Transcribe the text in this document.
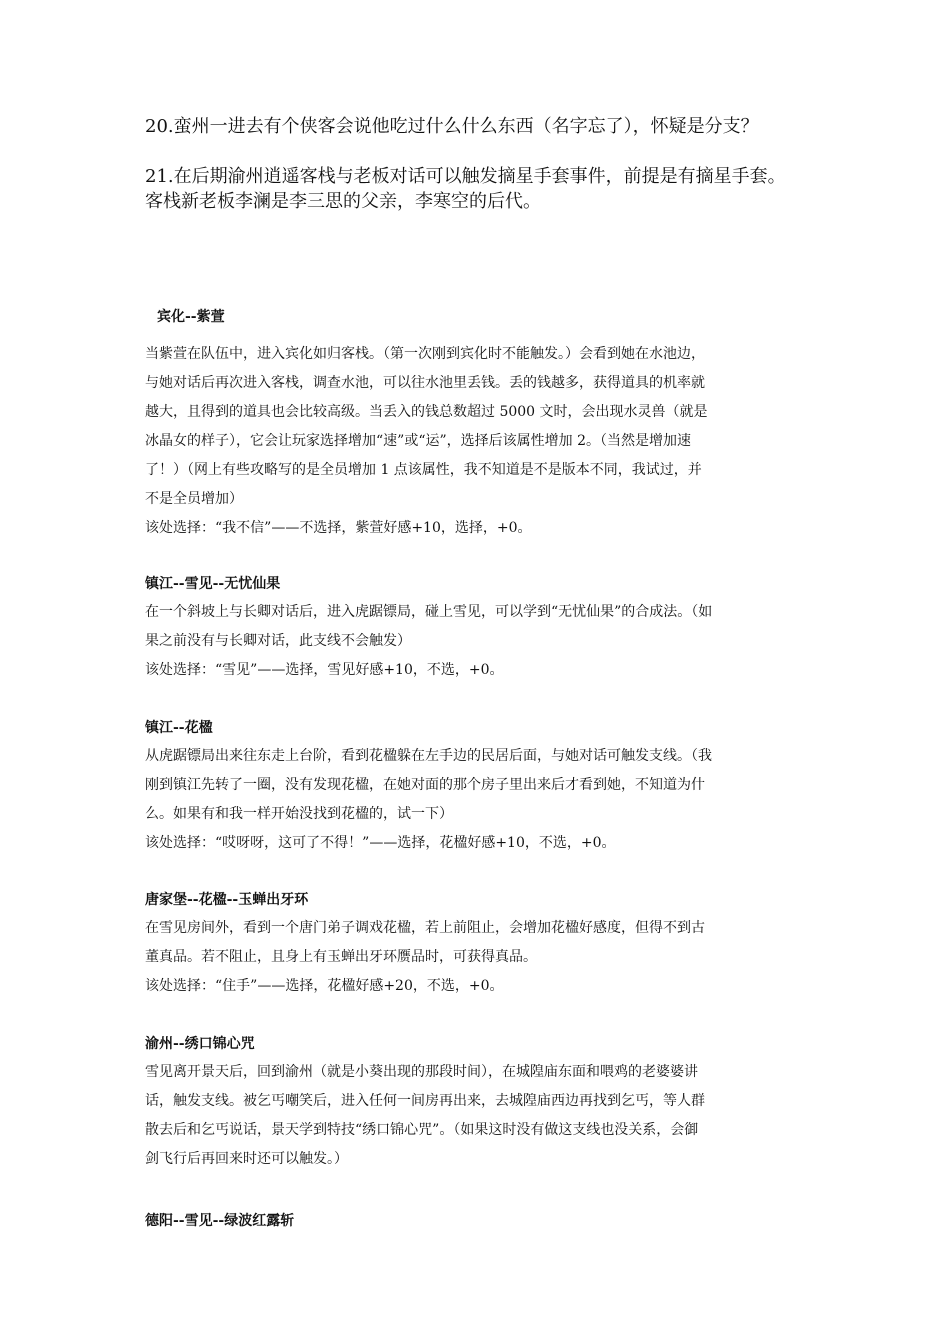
20.蛮州一进去有个侠客会说他吃过什么什么东西（名字忘了），怀疑是分支？

21.在后期渝州逍遥客栈与老板对话可以触发摘星手套事件，前提是有摘星手套。
客栈新老板李澜是李三思的父亲，李寒空的后代。

宾化--紫萱
当紫萱在队伍中，进入宾化如归客栈。（第一次刚到宾化时不能触发。）会看到她在水池边，
与她对话后再次进入客栈，调查水池，可以往水池里丢钱。丢的钱越多，获得道具的机率就
越大，且得到的道具也会比较高级。当丢入的钱总数超过 5000 文时，会出现水灵兽（就是
冰晶女的样子），它会让玩家选择增加“速”或“运”，选择后该属性增加 2。（当然是增加速
了！）（网上有些攻略写的是全员增加 1 点该属性，我不知道是不是版本不同，我试过，并
不是全员增加）
该处选择：“我不信”——不选择，紫萱好感+10，选择，+0。
镇江--雪见--无忧仙果
在一个斜坡上与长卿对话后，进入虎踞镖局，碰上雪见，可以学到“无忧仙果”的合成法。（如
果之前没有与长卿对话，此支线不会触发）
该处选择：“雪见”——选择，雪见好感+10，不选，+0。
镇江--花楹
从虎踞镖局出来往东走上台阶，看到花楹躲在左手边的民居后面，与她对话可触发支线。（我
刚到镇江先转了一圈，没有发现花楹，在她对面的那个房子里出来后才看到她，不知道为什
么。如果有和我一样开始没找到花楹的，试一下）
该处选择：“哎呀呀，这可了不得！”——选择，花楹好感+10，不选，+0。
唐家堡--花楹--玉蝉出牙环
在雪见房间外，看到一个唐门弟子调戏花楹，若上前阻止，会增加花楹好感度，但得不到古
董真品。若不阻止，且身上有玉蝉出牙环赝品时，可获得真品。
该处选择：“住手”——选择，花楹好感+20，不选，+0。
渝州--绣口锦心咒
雪见离开景天后，回到渝州（就是小葵出现的那段时间），在城隍庙东面和喂鸡的老婆婆讲
话，触发支线。被乞丐嘲笑后，进入任何一间房再出来，去城隍庙西边再找到乞丐，等人群
散去后和乞丐说话，景天学到特技“绣口锦心咒”。（如果这时没有做这支线也没关系，会御
剑飞行后再回来时还可以触发。）
德阳--雪见--绿波红露斩
